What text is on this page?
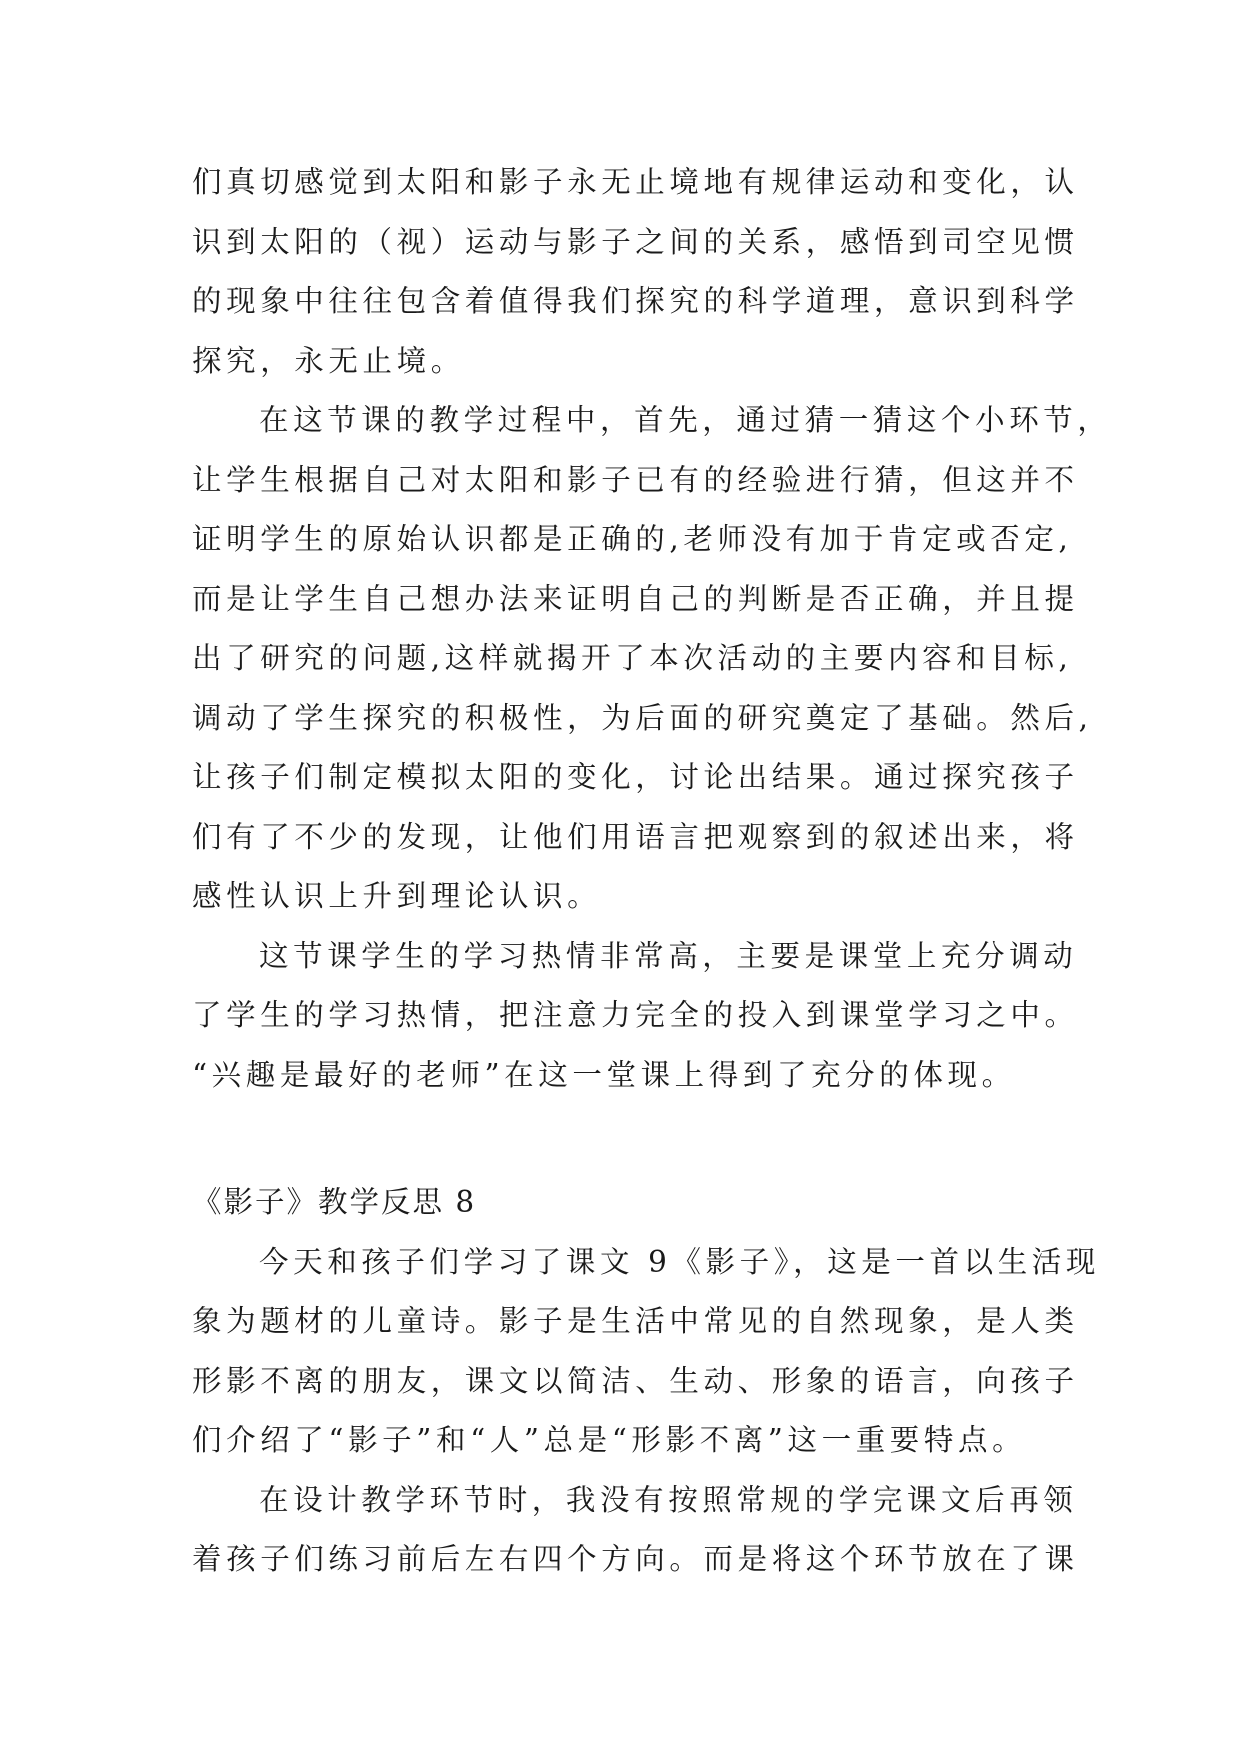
们真切感觉到太阳和影子永无止境地有规律运动和变化，认
识到太阳的（视）运动与影子之间的关系，感悟到司空见惯
的现象中往往包含着值得我们探究的科学道理，意识到科学
探究，永无止境。
在这节课的教学过程中，首先，通过猜一猜这个小环节，
让学生根据自己对太阳和影子已有的经验进行猜，但这并不
证明学生的原始认识都是正确的,老师没有加于肯定或否定,
而是让学生自己想办法来证明自己的判断是否正确，并且提
出了研究的问题,这样就揭开了本次活动的主要内容和目标,
调动了学生探究的积极性，为后面的研究奠定了基础。然后,
让孩子们制定模拟太阳的变化，讨论出结果。通过探究孩子
们有了不少的发现，让他们用语言把观察到的叙述出来，将
感性认识上升到理论认识。
这节课学生的学习热情非常高，主要是课堂上充分调动
了学生的学习热情，把注意力完全的投入到课堂学习之中。
“兴趣是最好的老师”在这一堂课上得到了充分的体现。
《影子》教学反思 8
今天和孩子们学习了课文 9《影子》，这是一首以生活现
象为题材的儿童诗。影子是生活中常见的自然现象，是人类
形影不离的朋友，课文以简洁、生动、形象的语言，向孩子
们介绍了“影子”和“人”总是“形影不离”这一重要特点。
在设计教学环节时，我没有按照常规的学完课文后再领
着孩子们练习前后左右四个方向。而是将这个环节放在了课
